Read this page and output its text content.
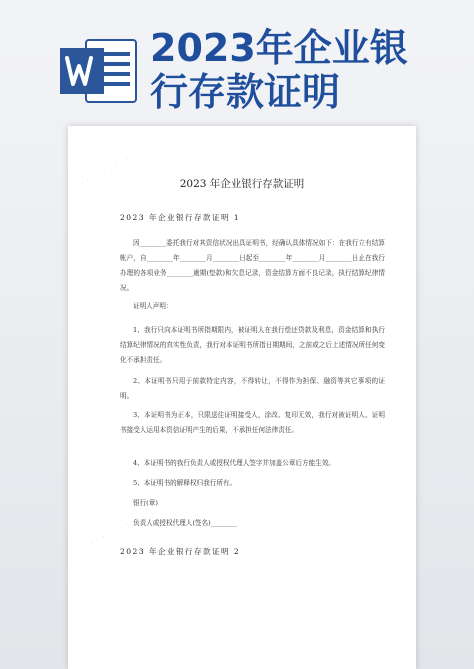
2023年企业银
行存款证明
· · · · · · · · ·
· · · · · · · · ·
· · · · · · · · ·
2023 年企业银行存款证明
2023 年企业银行存款证明 1
因________委托我行对其资信状况出具证明书，经确认具体情况如下：在我行立有结算帐户，自________年________月________日起至________年________月________日止在我行办理的各项业务________逾期(垫款)和欠息记录，资金结算方面不良记录，执行结算纪律情况。
证明人声明：
1、我行只向本证明书所指期限内，被证明人在我行偿还贷款及利息，资金结算和执行结算纪律情况的真实性负责，我行对本证明书所指日期期间，之前或之后上述情况所任何变化不承担责任。
2、本证明书只用于前款特定内容，不得转让，不得作为担保、融资等其它事项的证明。
3、本证明书为正本，只限送往证明接受人，涂改、复印无效，我行对被证明人、证明书接受人运用本资信证明产生的后果，不承担任何法律责任。
4、本证明书的我行负责人或授权代理人签字并加盖公章后方能生效。
5、本证明书的解释权归我行所有。
银行(章)
负责人或授权代理人(签名)________
2023 年企业银行存款证明 2
